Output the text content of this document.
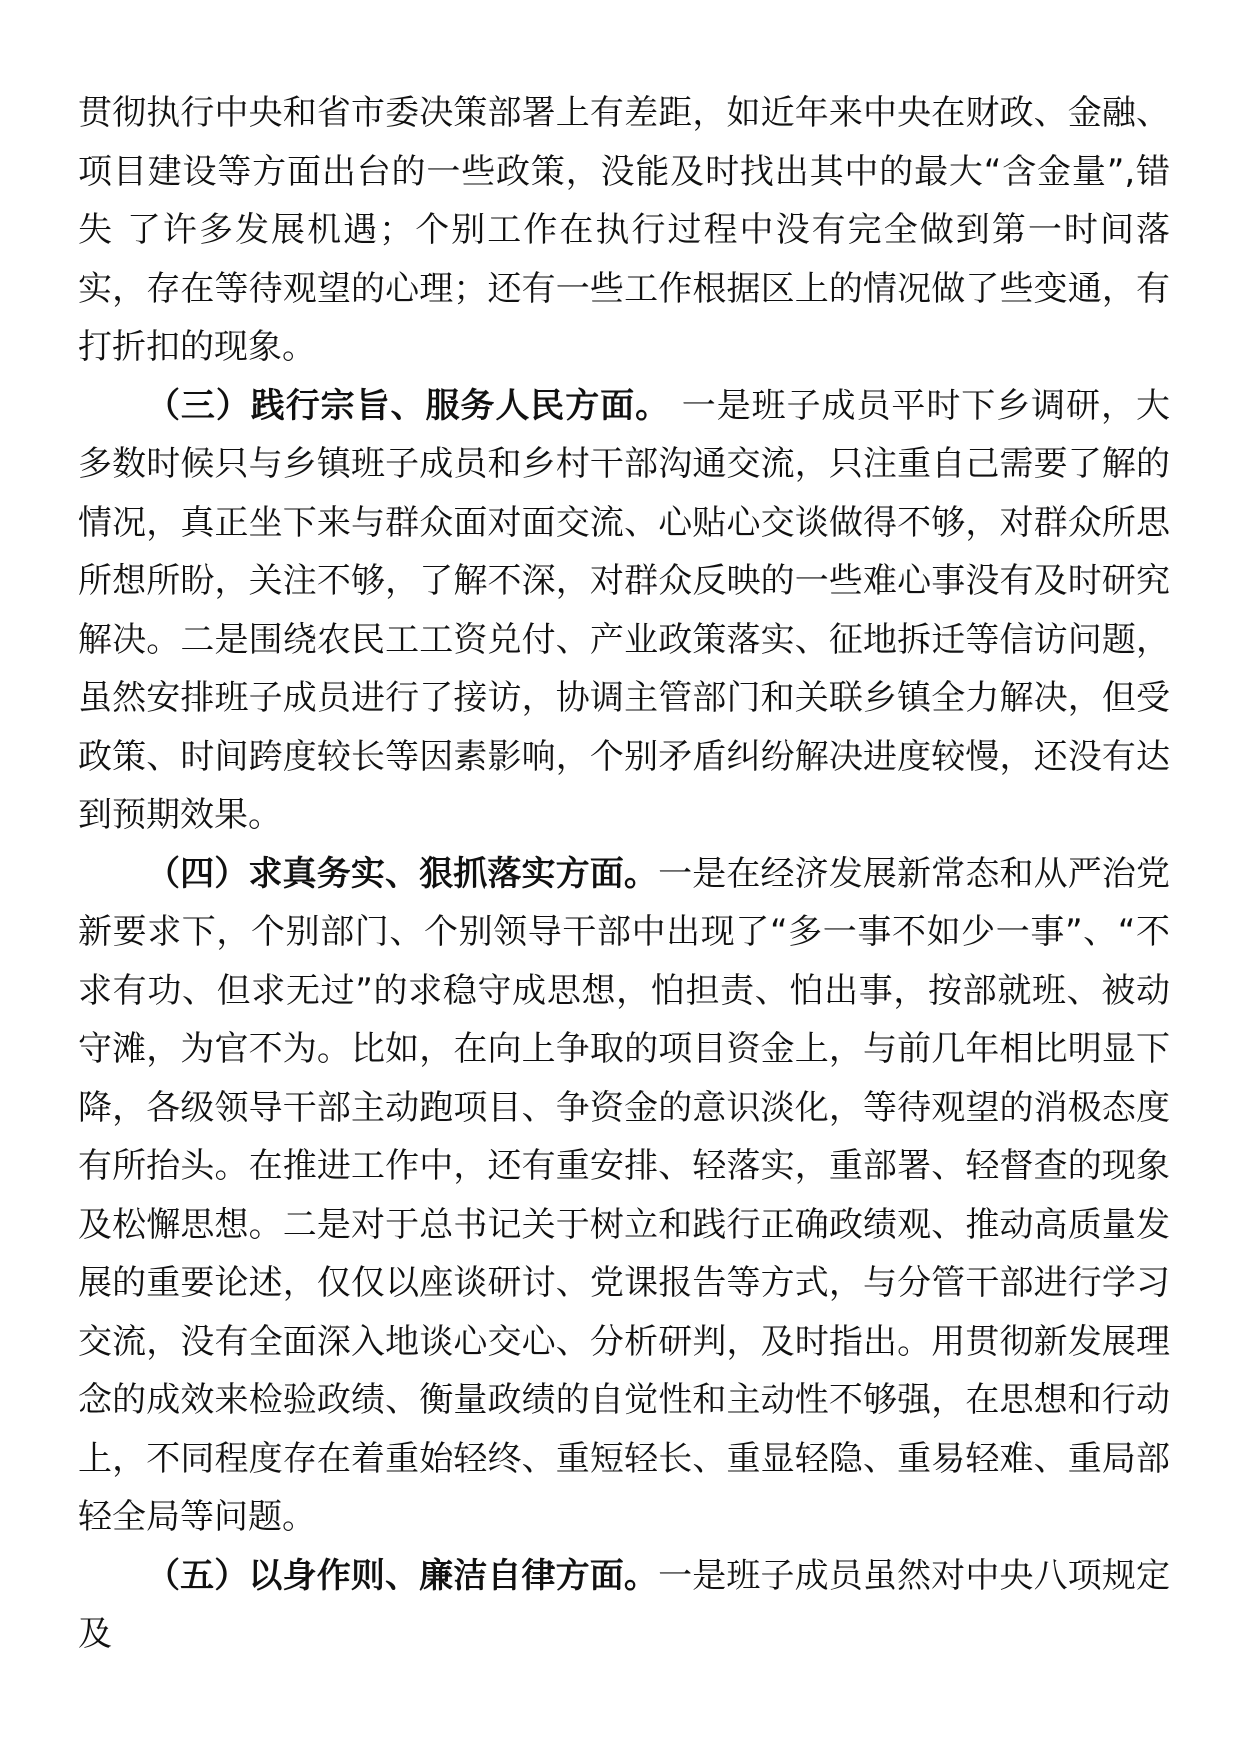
贯彻执行中央和省市委决策部署上有差距，如近年来中央在财政、金融、项目建设等方面出台的一些政策，没能及时找出其中的最大“含金量”,错失 了许多发展机遇；个别工作在执行过程中没有完全做到第一时间落实，存在等待观望的心理；还有一些工作根据区上的情况做了些变通，有打折扣的现象。

（三）践行宗旨、服务人民方面。 一是班子成员平时下乡调研，大多数时候只与乡镇班子成员和乡村干部沟通交流，只注重自己需要了解的情况，真正坐下来与群众面对面交流、心贴心交谈做得不够，对群众所思所想所盼，关注不够，了解不深，对群众反映的一些难心事没有及时研究解决。二是围绕农民工工资兑付、产业政策落实、征地拆迁等信访问题，虽然安排班子成员进行了接访，协调主管部门和关联乡镇全力解决，但受政策、时间跨度较长等因素影响，个别矛盾纠纷解决进度较慢，还没有达到预期效果。

（四）求真务实、狠抓落实方面。一是在经济发展新常态和从严治党新要求下，个别部门、个别领导干部中出现了“多一事不如少一事”、“不求有功、但求无过”的求稳守成思想，怕担责、怕出事，按部就班、被动守滩，为官不为。比如，在向上争取的项目资金上，与前几年相比明显下降，各级领导干部主动跑项目、争资金的意识淡化，等待观望的消极态度有所抬头。在推进工作中，还有重安排、轻落实，重部署、轻督查的现象及松懈思想。二是对于总书记关于树立和践行正确政绩观、推动高质量发展的重要论述，仅仅以座谈研讨、党课报告等方式，与分管干部进行学习交流，没有全面深入地谈心交心、分析研判，及时指出。用贯彻新发展理念的成效来检验政绩、衡量政绩的自觉性和主动性不够强，在思想和行动上，不同程度存在着重始轻终、重短轻长、重显轻隐、重易轻难、重局部轻全局等问题。

（五）以身作则、廉洁自律方面。一是班子成员虽然对中央八项规定及
